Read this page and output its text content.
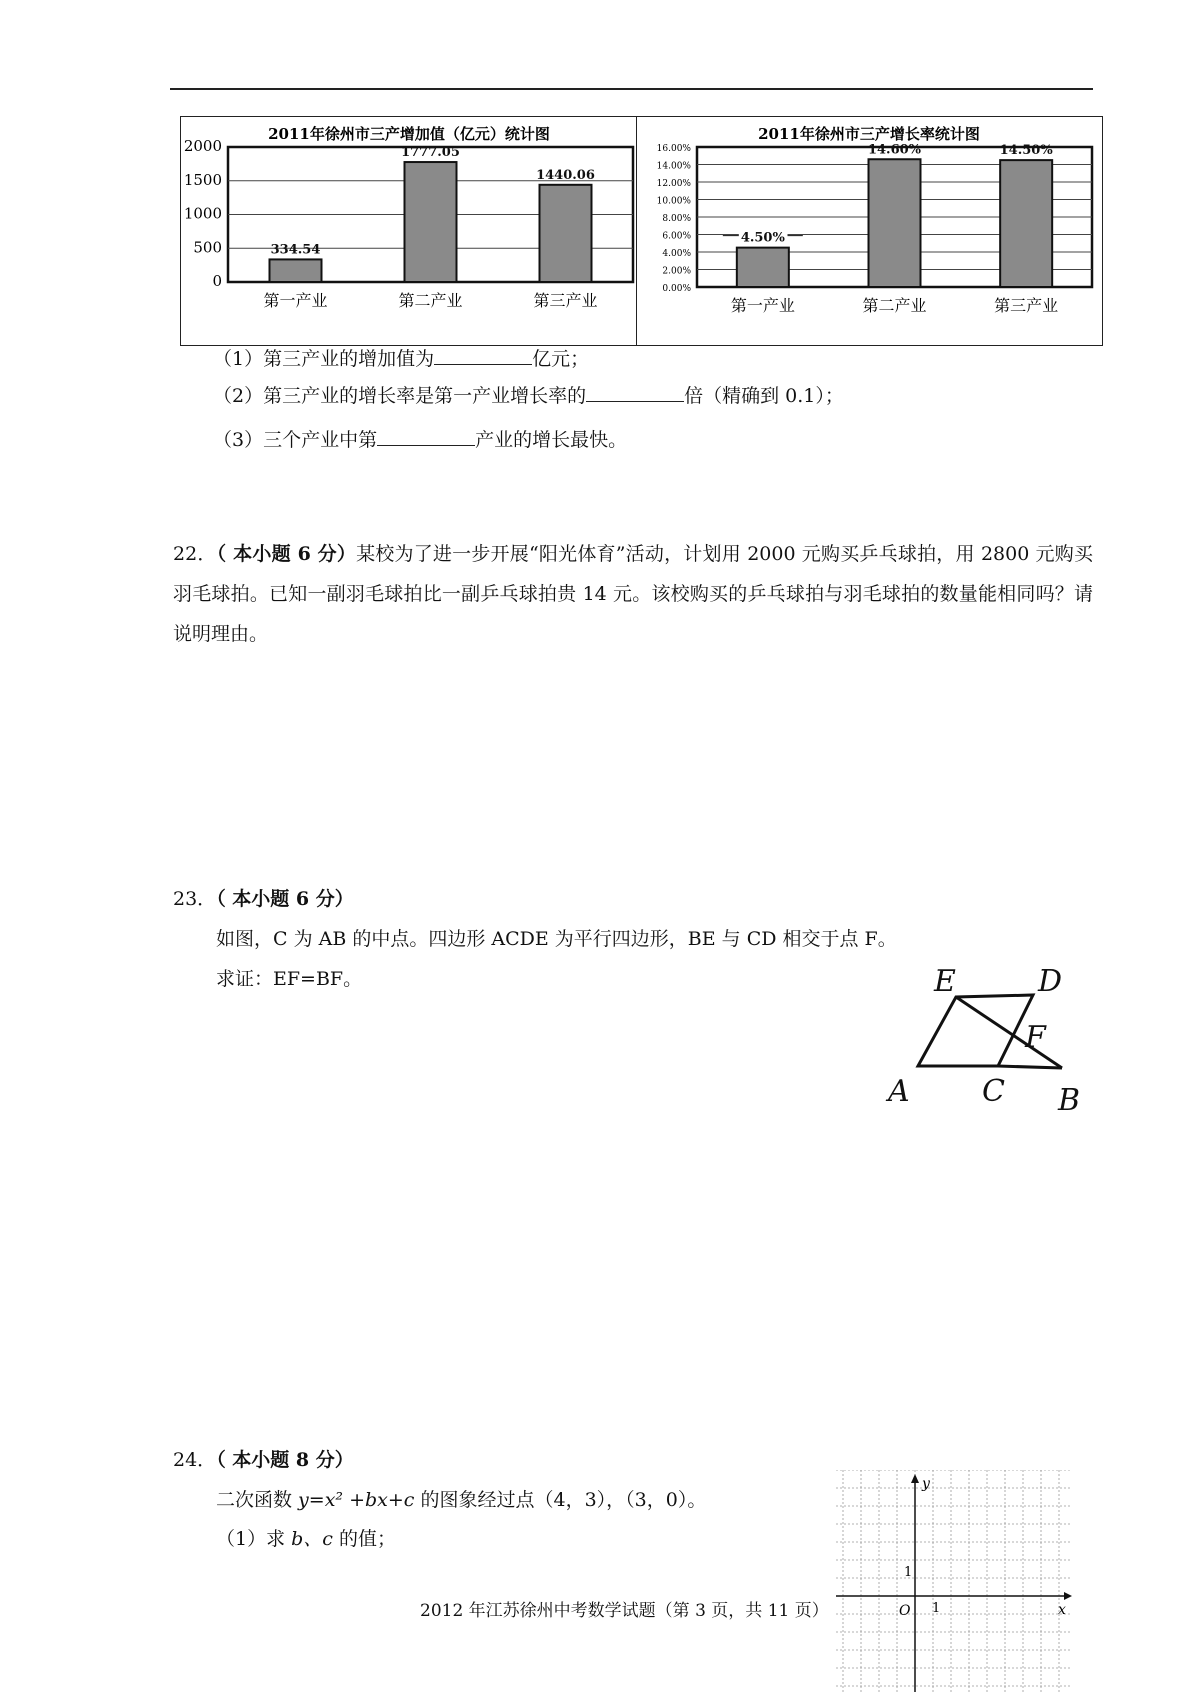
2011年徐州市三产增加值（亿元）统计图
0
500
1000
1500
2000
334.54
第一产业
1777.05
第二产业
1440.06
第三产业
2011年徐州市三产增长率统计图
0.00%
2.00%
4.00%
6.00%
8.00%
10.00%
12.00%
14.00%
16.00%
4.50%
第一产业
14.60%
第二产业
14.50%
第三产业
（1）第三产业的增加值为	亿元；
（2）第三产业的增长率是第一产业增长率的	倍（精确到 0.1）；
（3）三个产业中第	产业的增长最快。
22．（ 本小题 6 分）某校为了进一步开展“阳光体育”活动，计划用 2000 元购买乒乓球拍，用 2800 元购买羽毛球拍。已知一副羽毛球拍比一副乒乓球拍贵 14 元。该校购买的乒乓球拍与羽毛球拍的数量能相同吗？请说明理由。
23．（ 本小题 6 分）
如图，C 为 AB 的中点。四边形 ACDE 为平行四边形，BE 与 CD 相交于点 F。
求证：EF=BF。	E	D
F
A C B
24．（ 本小题 8 分）
二次函数 y=x² +bx+c 的图象经过点（4，3），（3，0）。
（1）求 b、c 的值；
y
x
O 1
1
2012 年江苏徐州中考数学试题（第 3 页，共 11 页）
